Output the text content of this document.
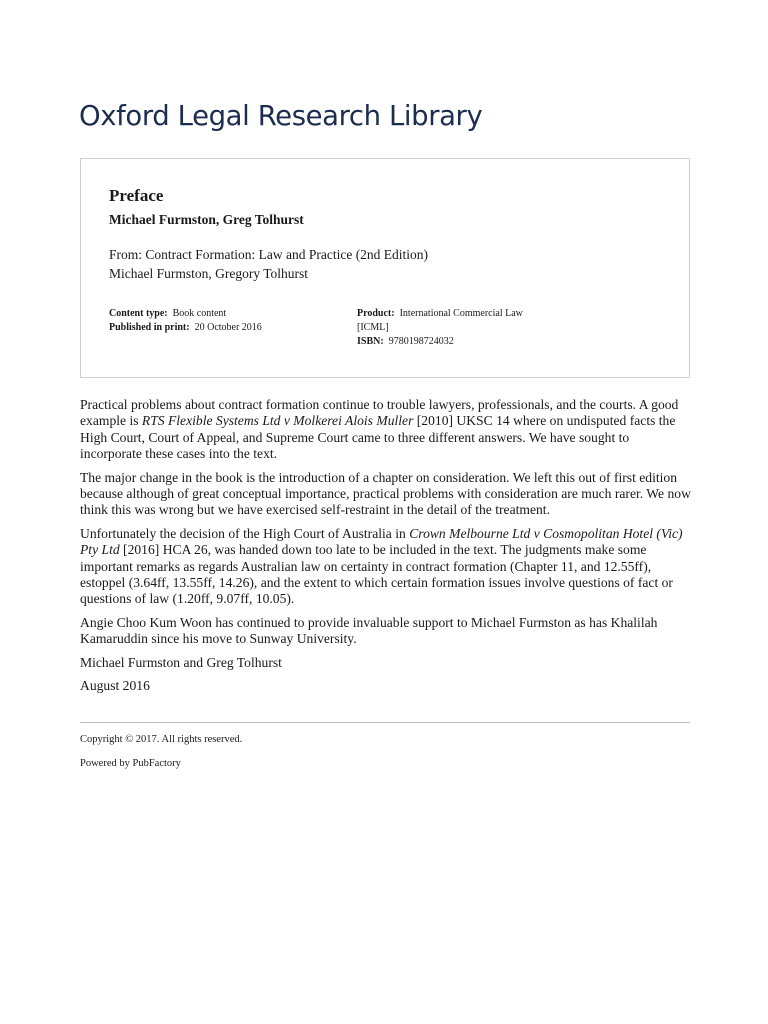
Oxford Legal Research Library
Preface
Michael Furmston, Greg Tolhurst
From: Contract Formation: Law and Practice (2nd Edition)
Michael Furmston, Gregory Tolhurst
Content type: Book content
Published in print: 20 October 2016
Product: International Commercial Law [ICML]
ISBN: 9780198724032

Practical problems about contract formation continue to trouble lawyers, professionals, and the courts. A good example is RTS Flexible Systems Ltd v Molkerei Alois Muller [2010] UKSC 14 where on undisputed facts the High Court, Court of Appeal, and Supreme Court came to three different answers. We have sought to incorporate these cases into the text.

The major change in the book is the introduction of a chapter on consideration. We left this out of first edition because although of great conceptual importance, practical problems with consideration are much rarer. We now think this was wrong but we have exercised self-restraint in the detail of the treatment.

Unfortunately the decision of the High Court of Australia in Crown Melbourne Ltd v Cosmopolitan Hotel (Vic) Pty Ltd [2016] HCA 26, was handed down too late to be included in the text. The judgments make some important remarks as regards Australian law on certainty in contract formation (Chapter 11, and 12.55ff), estoppel (3.64ff, 13.55ff, 14.26), and the extent to which certain formation issues involve questions of fact or questions of law (1.20ff, 9.07ff, 10.05).

Angie Choo Kum Woon has continued to provide invaluable support to Michael Furmston as has Khalilah Kamaruddin since his move to Sunway University.

Michael Furmston and Greg Tolhurst

August 2016

Copyright © 2017. All rights reserved.
Powered by PubFactory
